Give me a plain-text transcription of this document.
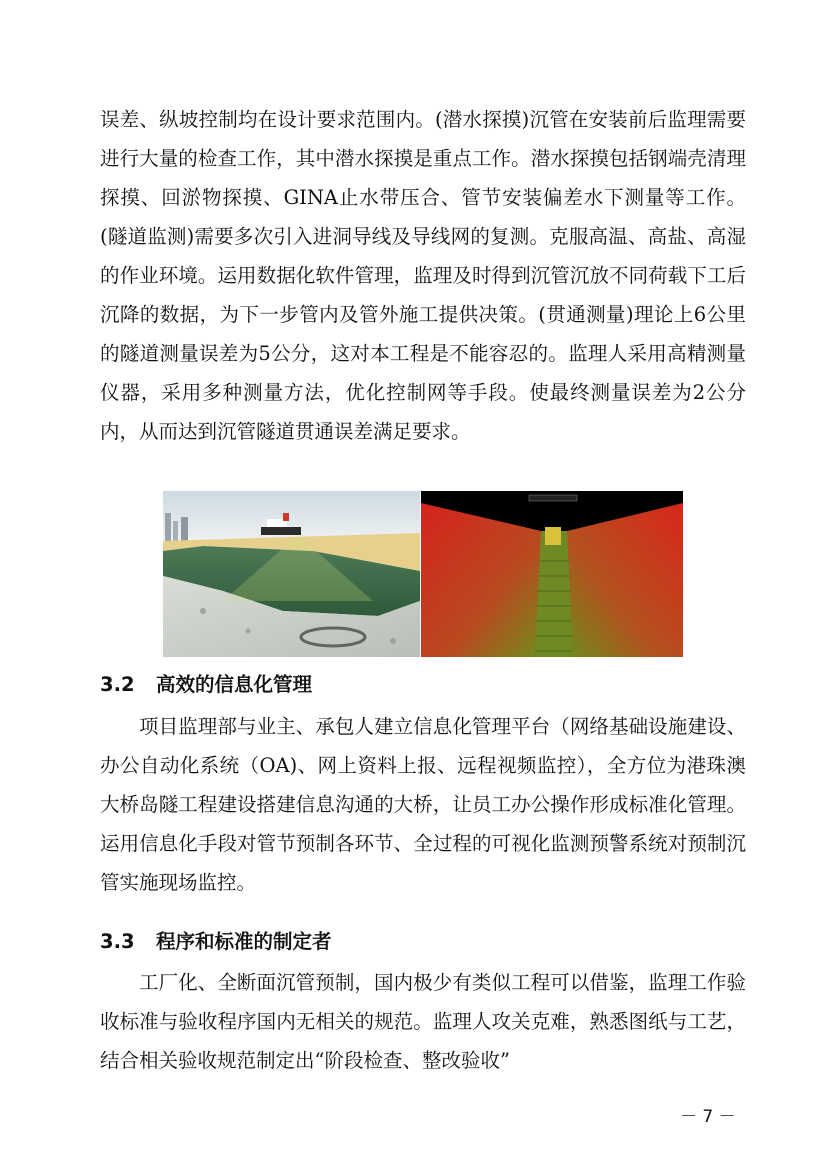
误差、纵坡控制均在设计要求范围内。(潜水探摸)沉管在安装前后监理需要进行大量的检查工作，其中潜水探摸是重点工作。潜水探摸包括钢端壳清理探摸、回淤物探摸、GINA止水带压合、管节安装偏差水下测量等工作。(隧道监测)需要多次引入进洞导线及导线网的复测。克服高温、高盐、高湿的作业环境。运用数据化软件管理，监理及时得到沉管沉放不同荷载下工后沉降的数据，为下一步管内及管外施工提供决策。(贯通测量)理论上6公里的隧道测量误差为5公分，这对本工程是不能容忍的。监理人采用高精测量仪器，采用多种测量方法，优化控制网等手段。使最终测量误差为2公分内，从而达到沉管隧道贯通误差满足要求。

3.2 高效的信息化管理

项目监理部与业主、承包人建立信息化管理平台（网络基础设施建设、办公自动化系统（OA)、网上资料上报、远程视频监控），全方位为港珠澳大桥岛隧工程建设搭建信息沟通的大桥，让员工办公操作形成标准化管理。运用信息化手段对管节预制各环节、全过程的可视化监测预警系统对预制沉管实施现场监控。

3.3 程序和标准的制定者

工厂化、全断面沉管预制，国内极少有类似工程可以借鉴，监理工作验收标准与验收程序国内无相关的规范。监理人攻关克难，熟悉图纸与工艺，结合相关验收规范制定出“阶段检查、整改验收”

－ 7 －
